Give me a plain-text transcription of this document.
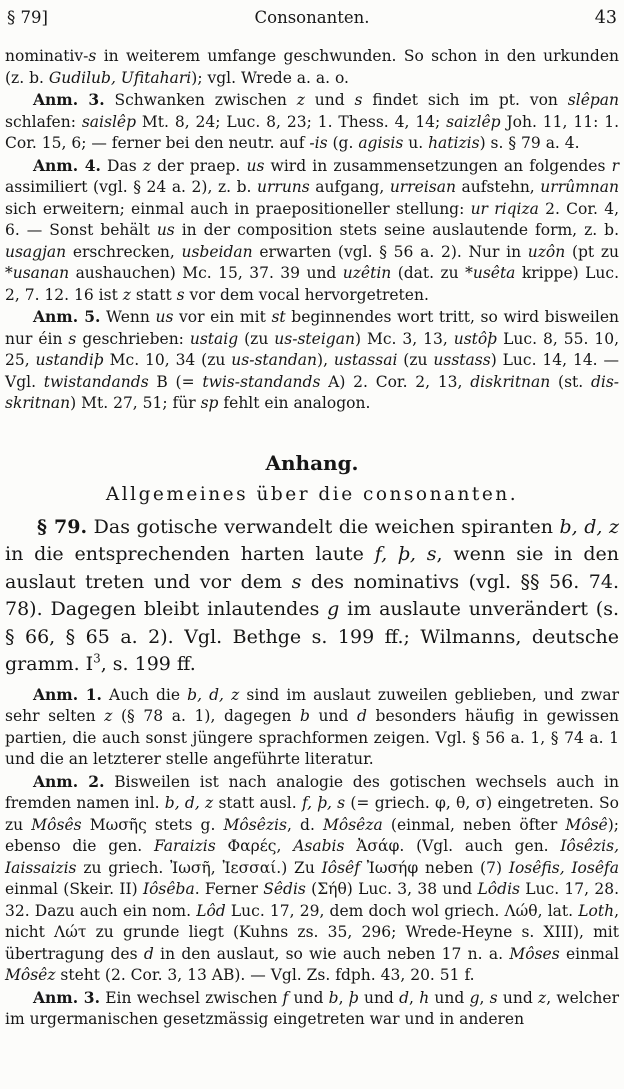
§ 79]	Consonanten.	43

nominativ-s in weiterem umfange geschwunden. So schon in den urkunden (z. b. Gudilub, Ufitahari); vgl. Wrede a. a. o.

Anm. 3. Schwanken zwischen z und s findet sich im pt. von slêpan schlafen: saislêp Mt. 8, 24; Luc. 8, 23; 1. Thess. 4, 14; saizlêp Joh. 11, 11: 1. Cor. 15, 6; — ferner bei den neutr. auf -is (g. agisis u. hatizis) s. § 79 a. 4.

Anm. 4. Das z der praep. us wird in zusammensetzungen an folgendes r assimiliert (vgl. § 24 a. 2), z. b. urruns aufgang, urreisan aufstehn, urrûmnan sich erweitern; einmal auch in praepositioneller stellung: ur riqiza 2. Cor. 4, 6. — Sonst behält us in der composition stets seine auslautende form, z. b. usagjan erschrecken, usbeidan erwarten (vgl. § 56 a. 2). Nur in uzôn (pt zu *usanan aushauchen) Mc. 15, 37. 39 und uzêtin (dat. zu *usêta krippe) Luc. 2, 7. 12. 16 ist z statt s vor dem vocal hervorgetreten.

Anm. 5. Wenn us vor ein mit st beginnendes wort tritt, so wird bisweilen nur éin s geschrieben: ustaig (zu us-steigan) Mc. 3, 13, ustôþ Luc. 8, 55. 10, 25, ustandiþ Mc. 10, 34 (zu us-standan), ustassai (zu usstass) Luc. 14, 14. — Vgl. twistandands B (= twis-standands A) 2. Cor. 2, 13, diskritnan (st. dis-skritnan) Mt. 27, 51; für sp fehlt ein analogon.

Anhang.
Allgemeines über die consonanten.

§ 79. Das gotische verwandelt die weichen spiranten b, d, z in die entsprechenden harten laute f, þ, s, wenn sie in den auslaut treten und vor dem s des nominativs (vgl. §§ 56. 74. 78). Dagegen bleibt inlautendes g im auslaute unverändert (s. § 66, § 65 a. 2). Vgl. Bethge s. 199 ff.; Wilmanns, deutsche gramm. $I^3$, s. 199 ff.

Anm. 1. Auch die b, d, z sind im auslaut zuweilen geblieben, und zwar sehr selten z (§ 78 a. 1), dagegen b und d besonders häufig in gewissen partien, die auch sonst jüngere sprachformen zeigen. Vgl. § 56 a. 1, § 74 a. 1 und die an letzterer stelle angeführte literatur.

Anm. 2. Bisweilen ist nach analogie des gotischen wechsels auch in fremden namen inl. b, d, z statt ausl. f, þ, s (= griech. φ, θ, σ) eingetreten. So zu Môsês Μωσῆς stets g. Môsêzis, d. Môsêza (einmal, neben öfter Môsê); ebenso die gen. Faraizis Φαρές, Asabis Ἀσάφ. (Vgl. auch gen. Iôsêzis, Iaissaizis zu griech. Ἰωσῆ, Ἰεσσαί.) Zu Iôsêf Ἰωσήφ neben (7) Iosêfis, Iosêfa einmal (Skeir. II) Iôsêba. Ferner Sêdis (Σήθ) Luc. 3, 38 und Lôdis Luc. 17, 28. 32. Dazu auch ein nom. Lôd Luc. 17, 29, dem doch wol griech. Λώθ, lat. Loth, nicht Λώτ zu grunde liegt (Kuhns zs. 35, 296; Wrede-Heyne s. XIII), mit übertragung des d in den auslaut, so wie auch neben 17 n. a. Môses einmal Môsêz steht (2. Cor. 3, 13 AB). — Vgl. Zs. fdph. 43, 20. 51 f.

Anm. 3. Ein wechsel zwischen f und b, þ und d, h und g, s und z, welcher im urgermanischen gesetzmässig eingetreten war und in anderen
